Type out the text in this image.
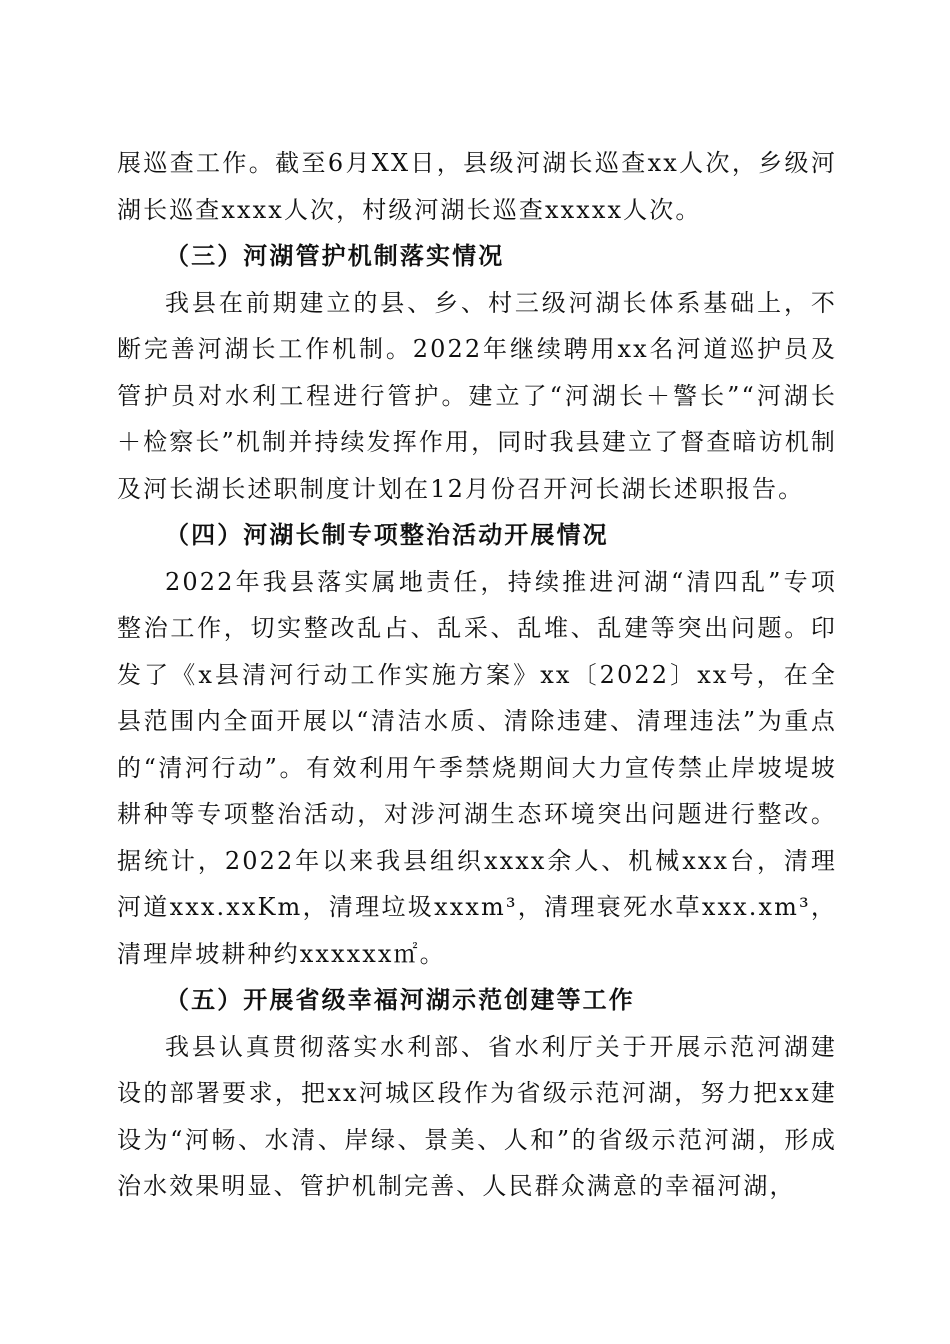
展巡查工作。截至6月XX日，县级河湖长巡查xx人次，乡级河湖长巡查xxxx人次，村级河湖长巡查xxxxx人次。

（三）河湖管护机制落实情况

我县在前期建立的县、乡、村三级河湖长体系基础上，不断完善河湖长工作机制。2022年继续聘用xx名河道巡护员及管护员对水利工程进行管护。建立了“河湖长＋警长”“河湖长＋检察长”机制并持续发挥作用，同时我县建立了督查暗访机制及河长湖长述职制度计划在12月份召开河长湖长述职报告。

（四）河湖长制专项整治活动开展情况

2022年我县落实属地责任，持续推进河湖“清四乱”专项整治工作，切实整改乱占、乱采、乱堆、乱建等突出问题。印发了《x县清河行动工作实施方案》xx〔2022〕xx号，在全县范围内全面开展以“清洁水质、清除违建、清理违法”为重点的“清河行动”。有效利用午季禁烧期间大力宣传禁止岸坡堤坡耕种等专项整治活动，对涉河湖生态环境突出问题进行整改。据统计，2022年以来我县组织xxxx余人、机械xxx台，清理河道xxx.xxKm，清理垃圾xxxm³，清理衰死水草xxx.xm³，清理岸坡耕种约xxxxxx㎡。

（五）开展省级幸福河湖示范创建等工作

我县认真贯彻落实水利部、省水利厅关于开展示范河湖建设的部署要求，把xx河城区段作为省级示范河湖，努力把xx建设为“河畅、水清、岸绿、景美、人和”的省级示范河湖，形成治水效果明显、管护机制完善、人民群众满意的幸福河湖，
